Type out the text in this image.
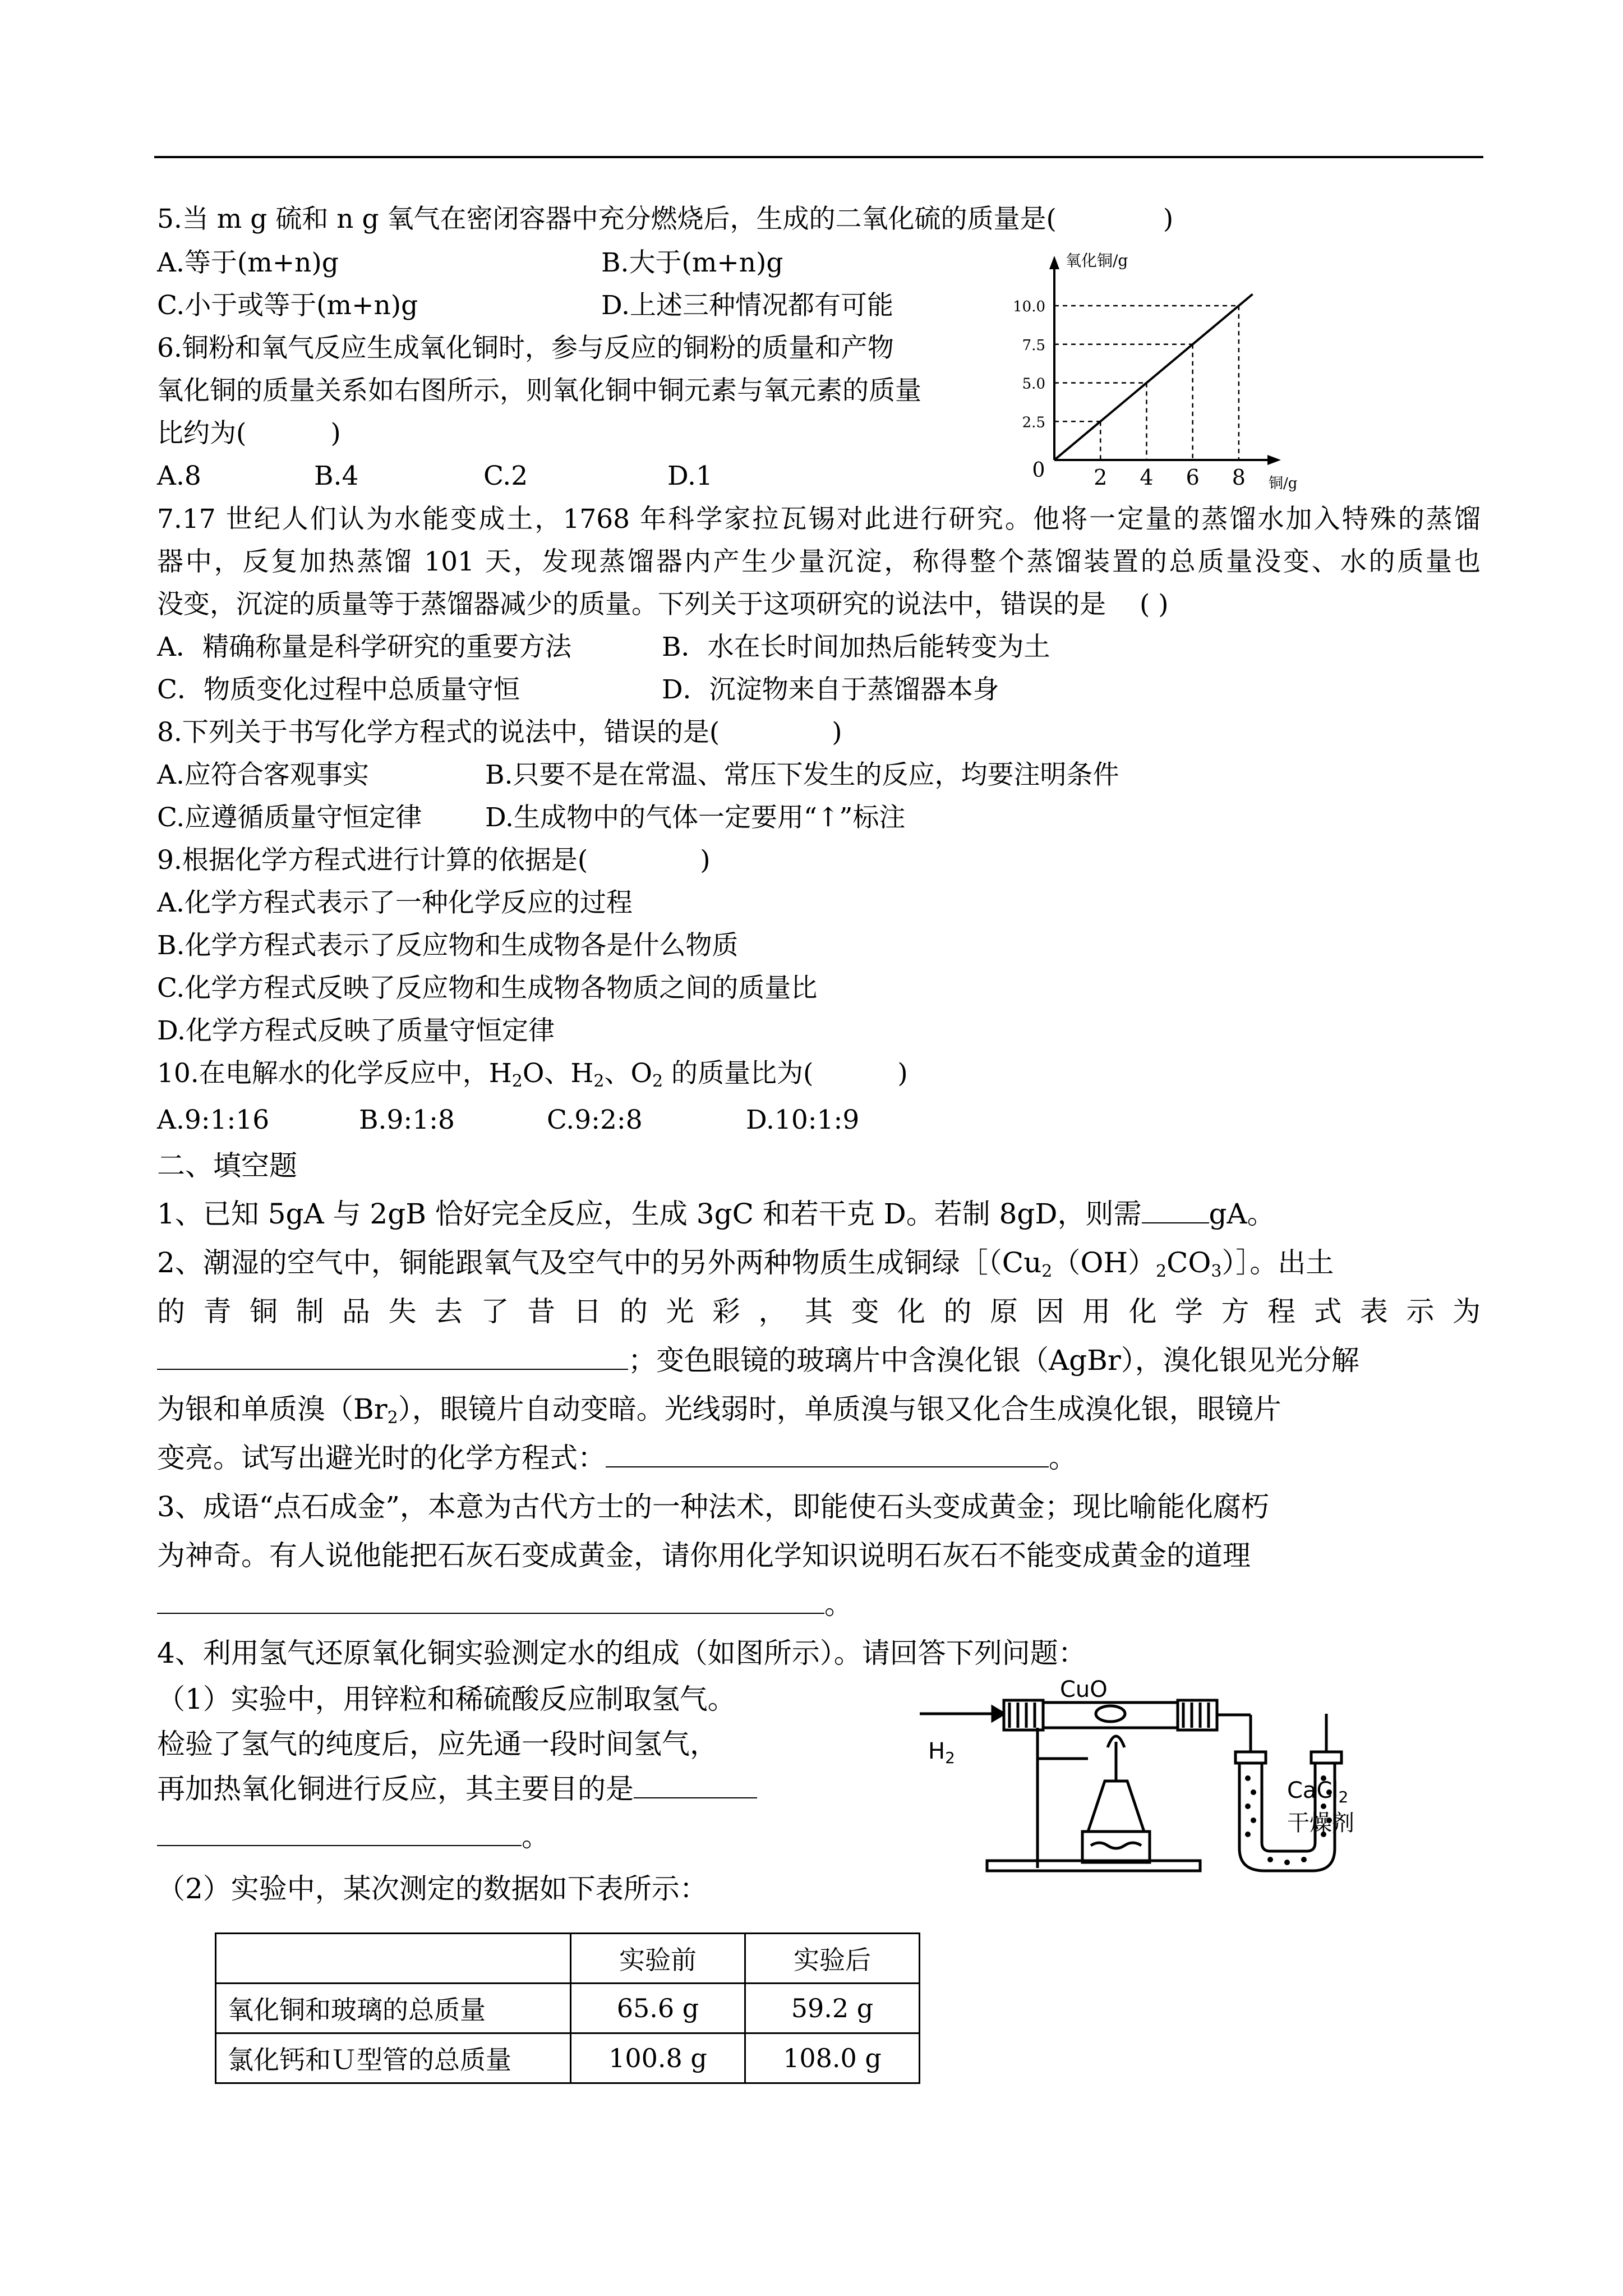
5.当 m g 硫和 n g 氧气在密闭容器中充分燃烧后，生成的二氧化硫的质量是(	)
A.等于(m+n)g	B.大于(m+n)g
C.小于或等于(m+n)g	D.上述三种情况都有可能
6.铜粉和氧气反应生成氧化铜时，参与反应的铜粉的质量和产物
氧化铜的质量关系如右图所示，则氧化铜中铜元素与氧元素的质量
比约为(	)
A.8	B.4	C.2	D.1	2 4 6 8
2.5
5.0
7.5
10.0
0
氧化铜/g
铜/g
7.17 世纪人们认为水能变成土，1768 年科学家拉瓦锡对此进行研究。他将一定量的蒸馏水加入特殊的蒸馏
器中，反复加热蒸馏 101 天，发现蒸馏器内产生少量沉淀，称得整个蒸馏装置的总质量没变、水的质量也
没变，沉淀的质量等于蒸馏器减少的质量。下列关于这项研究的说法中，错误的是 ( )
A．精确称量是科学研究的重要方法	B．水在长时间加热后能转变为土
C．物质变化过程中总质量守恒	D．沉淀物来自于蒸馏器本身
8.下列关于书写化学方程式的说法中，错误的是(	)
A.应符合客观事实	B.只要不是在常温、常压下发生的反应，均要注明条件
C.应遵循质量守恒定律 D.生成物中的气体一定要用“↑”标注
9.根据化学方程式进行计算的依据是(	)
A.化学方程式表示了一种化学反应的过程
B.化学方程式表示了反应物和生成物各是什么物质
C.化学方程式反映了反应物和生成物各物质之间的质量比
D.化学方程式反映了质量守恒定律
10.在电解水的化学反应中，$H_2O$、$H_2$、$O_2$ 的质量比为(	)
A.9:1:16	B.9:1:8	C.9:2:8	D.10:1:9
二、填空题
1、已知 5gA 与 2gB 恰好完全反应，生成 3gC 和若干克 D。若制 8gD，则需 gA。
2、潮湿的空气中，铜能跟氧气及空气中的另外两种物质生成铜绿$[(Cu_2(OH)_2CO_3)]$。出土
的青铜制品失去了昔日的光彩，其变化的原因用化学方程式表示为
；变色眼镜的玻璃片中含溴化银（AgBr），溴化银见光分解
为银和单质溴$(Br_2)$，眼镜片自动变暗。光线弱时，单质溴与银又化合生成溴化银，眼镜片
变亮。试写出避光时的化学方程式：	。
3、成语“点石成金”，本意为古代方士的一种法术，即能使石头变成黄金；现比喻能化腐朽
为神奇。有人说他能把石灰石变成黄金，请你用化学知识说明石灰石不能变成黄金的道理
。
4、利用氢气还原氧化铜实验测定水的组成（如图所示）。请回答下列问题：
（1）实验中，用锌粒和稀硫酸反应制取氢气。
检验了氢气的纯度后，应先通一段时间氢气，
再加热氧化铜进行反应，其主要目的是
。
（2）实验中，某次测定的数据如下表所示：
CuO
$H_2$
CaCl$_2$
干燥剂
	实验前	实验后
氧化铜和玻璃的总质量	65.6 g	59.2 g
氯化钙和Ｕ型管的总质量	100.8 g	108.0 g
